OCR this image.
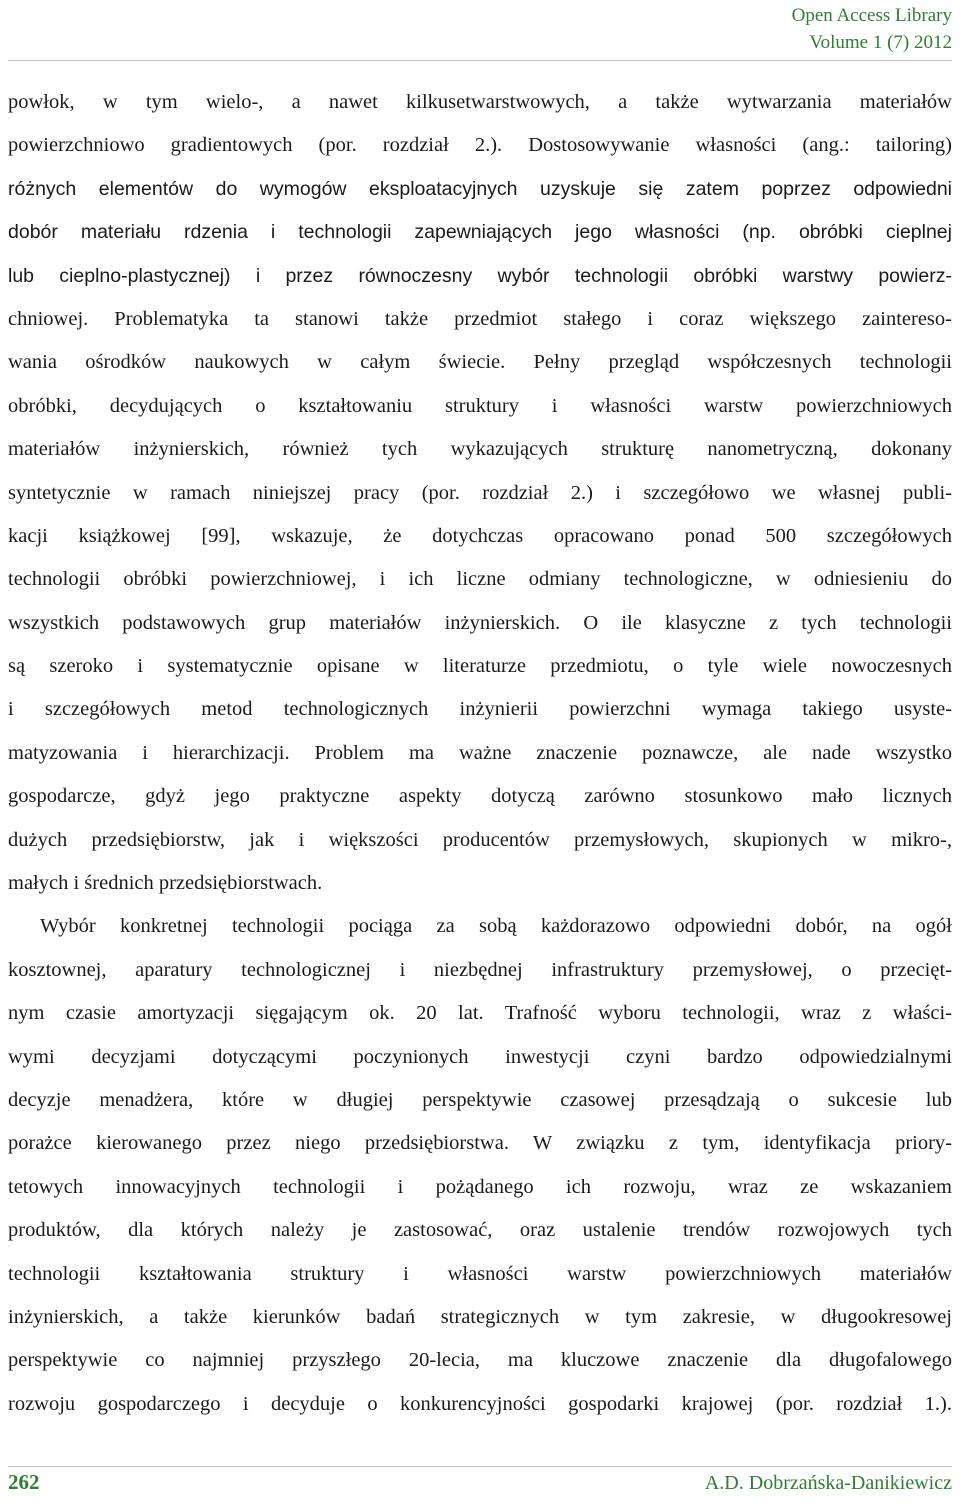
Open Access Library
Volume 1 (7) 2012
powłok, w tym wielo-, a nawet kilkusetwarstwowych, a także wytwarzania materiałów
powierzchniowo gradientowych (por. rozdział 2.). Dostosowywanie własności (ang.: tailoring)
różnych elementów do wymogów eksploatacyjnych uzyskuje się zatem poprzez odpowiedni
dobór materiału rdzenia i technologii zapewniających jego własności (np. obróbki cieplnej
lub cieplno-plastycznej) i przez równoczesny wybór technologii obróbki warstwy powierz-
chniowej. Problematyka ta stanowi także przedmiot stałego i coraz większego zaintereso-
wania ośrodków naukowych w całym świecie. Pełny przegląd współczesnych technologii
obróbki, decydujących o kształtowaniu struktury i własności warstw powierzchniowych
materiałów inżynierskich, również tych wykazujących strukturę nanometryczną, dokonany
syntetycznie w ramach niniejszej pracy (por. rozdział 2.) i szczegółowo we własnej publi-
kacji książkowej [99], wskazuje, że dotychczas opracowano ponad 500 szczegółowych
technologii obróbki powierzchniowej, i ich liczne odmiany technologiczne, w odniesieniu do
wszystkich podstawowych grup materiałów inżynierskich. O ile klasyczne z tych technologii
są szeroko i systematycznie opisane w literaturze przedmiotu, o tyle wiele nowoczesnych
i szczegółowych metod technologicznych inżynierii powierzchni wymaga takiego usyste-
matyzowania i hierarchizacji. Problem ma ważne znaczenie poznawcze, ale nade wszystko
gospodarcze, gdyż jego praktyczne aspekty dotyczą zarówno stosunkowo mało licznych
dużych przedsiębiorstw, jak i większości producentów przemysłowych, skupionych w mikro-,
małych i średnich przedsiębiorstwach.
Wybór konkretnej technologii pociąga za sobą każdorazowo odpowiedni dobór, na ogół
kosztownej, aparatury technologicznej i niezbędnej infrastruktury przemysłowej, o przecięt-
nym czasie amortyzacji sięgającym ok. 20 lat. Trafność wyboru technologii, wraz z właści-
wymi decyzjami dotyczącymi poczynionych inwestycji czyni bardzo odpowiedzialnymi
decyzje menadżera, które w długiej perspektywie czasowej przesądzają o sukcesie lub
porażce kierowanego przez niego przedsiębiorstwa. W związku z tym, identyfikacja priory-
tetowych innowacyjnych technologii i pożądanego ich rozwoju, wraz ze wskazaniem
produktów, dla których należy je zastosować, oraz ustalenie trendów rozwojowych tych
technologii kształtowania struktury i własności warstw powierzchniowych materiałów
inżynierskich, a także kierunków badań strategicznych w tym zakresie, w długookresowej
perspektywie co najmniej przyszłego 20-lecia, ma kluczowe znaczenie dla długofalowego
rozwoju gospodarczego i decyduje o konkurencyjności gospodarki krajowej (por. rozdział 1.).
262	A.D. Dobrzańska-Danikiewicz
